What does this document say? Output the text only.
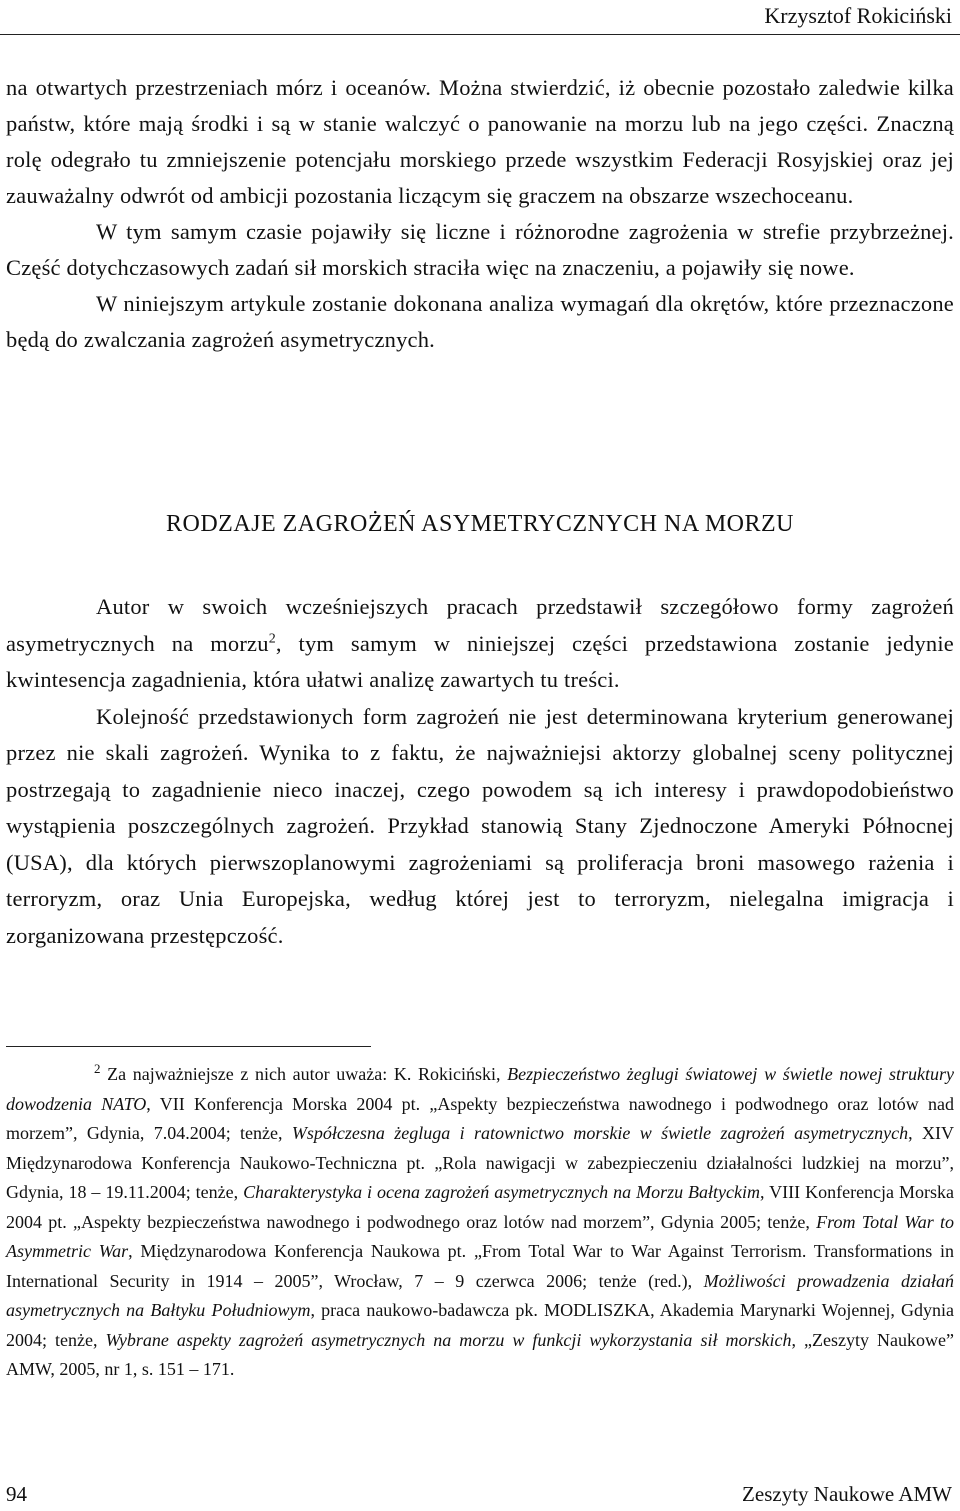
Krzysztof Rokiciński

na otwartych przestrzeniach mórz i oceanów. Można stwierdzić, iż obecnie pozostało zaledwie kilka państw, które mają środki i są w stanie walczyć o panowanie na morzu lub na jego części. Znaczną rolę odegrało tu zmniejszenie potencjału morskiego przede wszystkim Federacji Rosyjskiej oraz jej zauważalny odwrót od ambicji pozostania liczącym się graczem na obszarze wszechoceanu.

W tym samym czasie pojawiły się liczne i różnorodne zagrożenia w strefie przybrzeżnej. Część dotychczasowych zadań sił morskich straciła więc na znaczeniu, a pojawiły się nowe.

W niniejszym artykule zostanie dokonana analiza wymagań dla okrętów, które przeznaczone będą do zwalczania zagrożeń asymetrycznych.

RODZAJE ZAGROŻEŃ ASYMETRYCZNYCH NA MORZU

Autor w swoich wcześniejszych pracach przedstawił szczegółowo formy zagrożeń asymetrycznych na morzu$^2$, tym samym w niniejszej części przedstawiona zostanie jedynie kwintesencja zagadnienia, która ułatwi analizę zawartych tu treści.

Kolejność przedstawionych form zagrożeń nie jest determinowana kryterium generowanej przez nie skali zagrożeń. Wynika to z faktu, że najważniejsi aktorzy globalnej sceny politycznej postrzegają to zagadnienie nieco inaczej, czego powodem są ich interesy i prawdopodobieństwo wystąpienia poszczególnych zagrożeń. Przykład stanowią Stany Zjednoczone Ameryki Północnej (USA), dla których pierwszoplanowymi zagrożeniami są proliferacja broni masowego rażenia i terroryzm, oraz Unia Europejska, według której jest to terroryzm, nielegalna imigracja i zorganizowana przestępczość.

$^2$ Za najważniejsze z nich autor uważa: K. Rokiciński, Bezpieczeństwo żeglugi światowej w świetle nowej struktury dowodzenia NATO, VII Konferencja Morska 2004 pt. „Aspekty bezpieczeństwa nawodnego i podwodnego oraz lotów nad morzem”, Gdynia, 7.04.2004; tenże, Współczesna żegluga i ratownictwo morskie w świetle zagrożeń asymetrycznych, XIV Międzynarodowa Konferencja Naukowo-Techniczna pt. „Rola nawigacji w zabezpieczeniu działalności ludzkiej na morzu”, Gdynia, 18 – 19.11.2004; tenże, Charakterystyka i ocena zagrożeń asymetrycznych na Morzu Bałtyckim, VIII Konferencja Morska 2004 pt. „Aspekty bezpieczeństwa nawodnego i podwodnego oraz lotów nad morzem”, Gdynia 2005; tenże, From Total War to Asymmetric War, Międzynarodowa Konferencja Naukowa pt. „From Total War to War Against Terrorism. Transformations in International Security in 1914 – 2005”, Wrocław, 7 – 9 czerwca 2006; tenże (red.), Możliwości prowadzenia działań asymetrycznych na Bałtyku Południowym, praca naukowo-badawcza pk. MODLISZKA, Akademia Marynarki Wojennej, Gdynia 2004; tenże, Wybrane aspekty zagrożeń asymetrycznych na morzu w funkcji wykorzystania sił morskich, „Zeszyty Naukowe” AMW, 2005, nr 1, s. 151 – 171.
94	Zeszyty Naukowe AMW
